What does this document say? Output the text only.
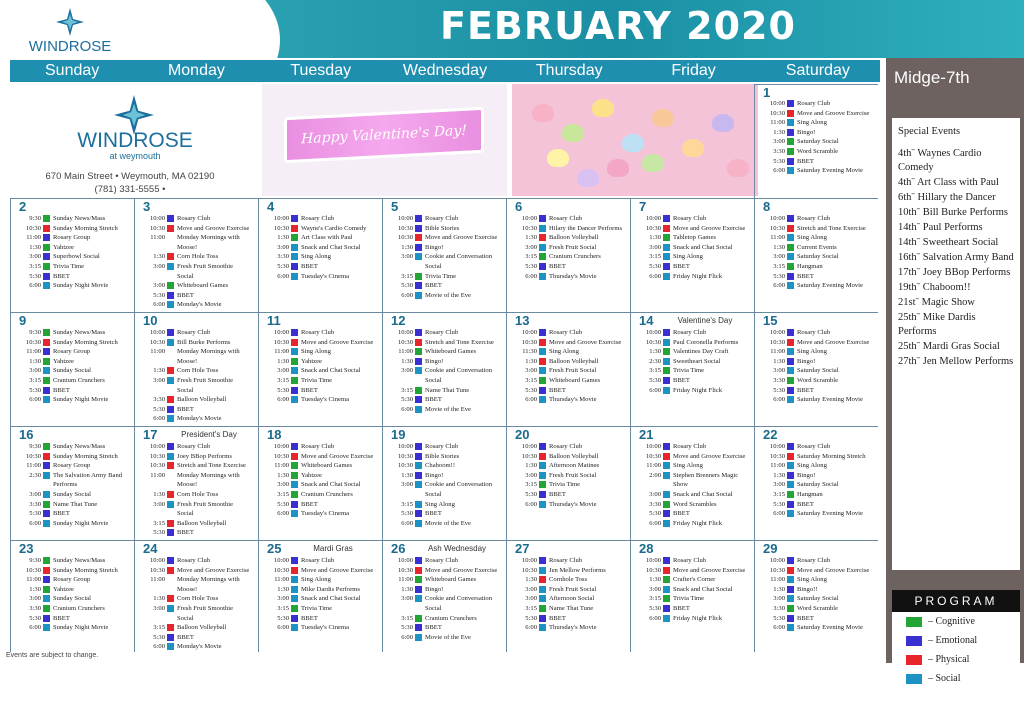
FEBRUARY 2020
WINDROSE
Sunday	Monday	Tuesday	Wednesday	Thursday	Friday	Saturday
WINDROSE
at weymouth
670 Main Street • Weymouth, MA 02190
(781) 331-5555 •
Happy Valentine's Day!
1
10:00 Rosary Club
10:30 Move and Groove Exercise
11:00 Sing Along
1:30 Bingo!
3:00 Saturday Social
3:30 Word Scramble
5:30 BBET
6:00 Saturday Evening Movie
2
9:30 Sunday News/Mass
10:30 Sunday Morning Stretch
11:00 Rosary Group
1:30 Yahtzee
3:00 Superbowl Social
3:15 Trivia Time
5:30 BBET
6:00 Sunday Night Movie
3
10:00 Rosary Club
10:30 Move and Groove Exercise
11:00 Monday Mornings with
Moose!
1:30 Corn Hole Toss
3:00 Fresh Fruit Smoothie
Social
3:00 Whiteboard Games
5:30 BBET
6:00 Monday's Movie
4
10:00 Rosary Club
10:30 Wayne's Cardio Comedy
1:30 Art Class with Paul
3:00 Snack and Chat Social
3:30 Sing Along
5:30 BBET
6:00 Tuesday's Cinema
5
10:00 Rosary Club
10:30 Bible Stories
10:30 Move and Groove Exercise
1:30 Bingo!
3:00 Cookie and Conversation
Social
3:15 Trivia Time
5:30 BBET
6:00 Movie of the Eve
6
10:00 Rosary Club
10:30 Hilary the Dancer Performs
1:30 Balloon Volleyball
3:00 Fresh Fruit Social
3:15 Cranium Crunchers
5:30 BBET
6:00 Thursday's Movie
7
10:00 Rosary Club
10:30 Move and Groove Exercise
1:30 Tabletop Games
3:00 Snack and Chat Social
3:15 Sing Along
5:30 BBET
6:00 Friday Night Flick
8
10:00 Rosary Club
10:30 Stretch and Tone Exercise
11:00 Sing Along
1:30 Current Events
3:00 Saturday Social
3:15 Hangman
5:30 BBET
6:00 Saturday Evening Movie
9
9:30 Sunday News/Mass
10:30 Sunday Morning Stretch
11:00 Rosary Group
1:30 Yahtzee
3:00 Sunday Social
3:15 Cranium Crunchers
5:30 BBET
6:00 Sunday Night Movie
10
10:00 Rosary Club
10:30 Bill Burke Performs
11:00 Monday Mornings with
Moose!
1:30 Corn Hole Toss
3:00 Fresh Fruit Smoothie
Social
3:30 Balloon Volleyball
5:30 BBET
6:00 Monday's Movie
11
10:00 Rosary Club
10:30 Move and Groove Exercise
11:00 Sing Along
1:30 Yahtzee
3:00 Snack and Chat Social
3:15 Trivia Time
5:30 BBET
6:00 Tuesday's Cinema
12
10:00 Rosary Club
10:30 Stretch and Tone Exercise
11:00 Whiteboard Games
1:30 Bingo!
3:00 Cookie and Conversation
Social
3:15 Name That Tune
5:30 BBET
6:00 Movie of the Eve
13
10:00 Rosary Club
10:30 Move and Groove Exercise
11:30 Sing Along
1:30 Balloon Volleyball
3:00 Fresh Fruit Social
3:15 Whiteboard Games
5:30 BBET
6:00 Thursday's Movie
14	Valentine's Day
10:00 Rosary Club
10:30 Paul Coronella Performs
1:30 Valentines Day Craft
2:30 Sweetheart Social
3:15 Trivia Time
5:30 BBET
6:00 Friday Night Flick
15
10:00 Rosary Club
10:30 Move and Groove Exercise
11:00 Sing Along
1:30 Bingo!
3:00 Saturday Social
3:30 Word Scramble
5:30 BBET
6:00 Saturday Evening Movie
16
9:30 Sunday News/Mass
10:30 Sunday Morning Stretch
11:00 Rosary Group
2:30 The Salvation Army Band
Performs
3:00 Sunday Social
3:30 Name That Tune
5:30 BBET
6:00 Sunday Night Movie
17	President's Day
10:00 Rosary Club
10:30 Joey BBop Performs
10:30 Stretch and Tone Exercise
11:00 Monday Mornings with
Moose!
1:30 Corn Hole Toss
3:00 Fresh Fruit Smoothie
Social
3:15 Balloon Volleyball
5:30 BBET
18
10:00 Rosary Club
10:30 Move and Groove Exercise
11:00 Whiteboard Games
1:30 Yahtzee
3:00 Snack and Chat Social
3:15 Cranium Crunchers
5:30 BBET
6:00 Tuesday's Cinema
19
10:00 Rosary Club
10:30 Bible Stories
10:30 Chaboom!!
1:30 Bingo!
3:00 Cookie and Conversation
Social
3:15 Sing Along
5:30 BBET
6:00 Movie of the Eve
20
10:00 Rosary Club
10:30 Balloon Volleyball
1:30 Afternoon Matinee
3:00 Fresh Fruit Social
3:15 Trivia Time
5:30 BBET
6:00 Thursday's Movie
21
10:00 Rosary Club
10:30 Move and Groove Exercise
11:00 Sing Along
2:00 Stephen Brenners Magic
Show
3:00 Snack and Chat Social
3:30 Word Scrambles
5:30 BBET
6:00 Friday Night Flick
22
10:00 Rosary Club
10:30 Saturday Morning Stretch
11:00 Sing Along
1:30 Bingo!
3:00 Saturday Social
3:15 Hangman
5:30 BBET
6:00 Saturday Evening Movie
23
9:30 Sunday News/Mass
10:30 Sunday Morning Stretch
11:00 Rosary Group
1:30 Yahtzee
3:00 Sunday Social
3:30 Cranium Crunchers
5:30 BBET
6:00 Sunday Night Movie
24
10:00 Rosary Club
10:30 Move and Groove Exercise
11:00 Monday Mornings with
Moose!
1:30 Corn Hole Toss
3:00 Fresh Fruit Smoothie
Social
3:15 Balloon Volleyball
5:30 BBET
6:00 Monday's Movie
25	Mardi Gras
10:00 Rosary Club
10:30 Move and Groove Exercise
11:00 Sing Along
1:30 Mike Dardis Performs
3:00 Snack and Chat Social
3:15 Trivia Time
5:30 BBET
6:00 Tuesday's Cinema
26	Ash Wednesday
10:00 Rosary Club
10:30 Move and Groove Exercise
11:00 Whiteboard Games
1:30 Bingo!
3:00 Cookie and Conversation
Social
3:15 Cranium Crunchers
5:30 BBET
6:00 Movie of the Eve
27
10:00 Rosary Club
10:30 Jen Mellow Performs
1:30 Cornhole Toss
3:00 Fresh Fruit Social
3:00 Afternoon Social
3:15 Name That Tune
5:30 BBET
6:00 Thursday's Movie
28
10:00 Rosary Club
10:30 Move and Groove Exercise
1:30 Crafter's Corner
3:00 Snack and Chat Social
3:15 Trivia Time
5:30 BBET
6:00 Friday Night Flick
29
10:00 Rosary Club
10:30 Move and Groove Exercise
11:00 Sing Along
1:30 Bingo!!
3:00 Saturday Social
3:30 Word Scramble
5:30 BBET
6:00 Saturday Evening Movie
Midge-7th
Special Events
4thˉ Waynes Cardio Comedy
4thˉ Art Class with Paul
6thˉ Hillary the Dancer
10thˉ Bill Burke Performs
14thˉ Paul Performs
14thˉ Sweetheart Social
16thˉ Salvation Army Band
17thˉ Joey BBop Performs
19thˉ Chaboom!!
21stˉ Magic Show
25thˉ Mike Dardis Performs
25thˉ Mardi Gras Social
27thˉ Jen Mellow Performs
PROGRAM
– Cognitive
– Emotional
– Physical
– Social
Events are subject to change.
